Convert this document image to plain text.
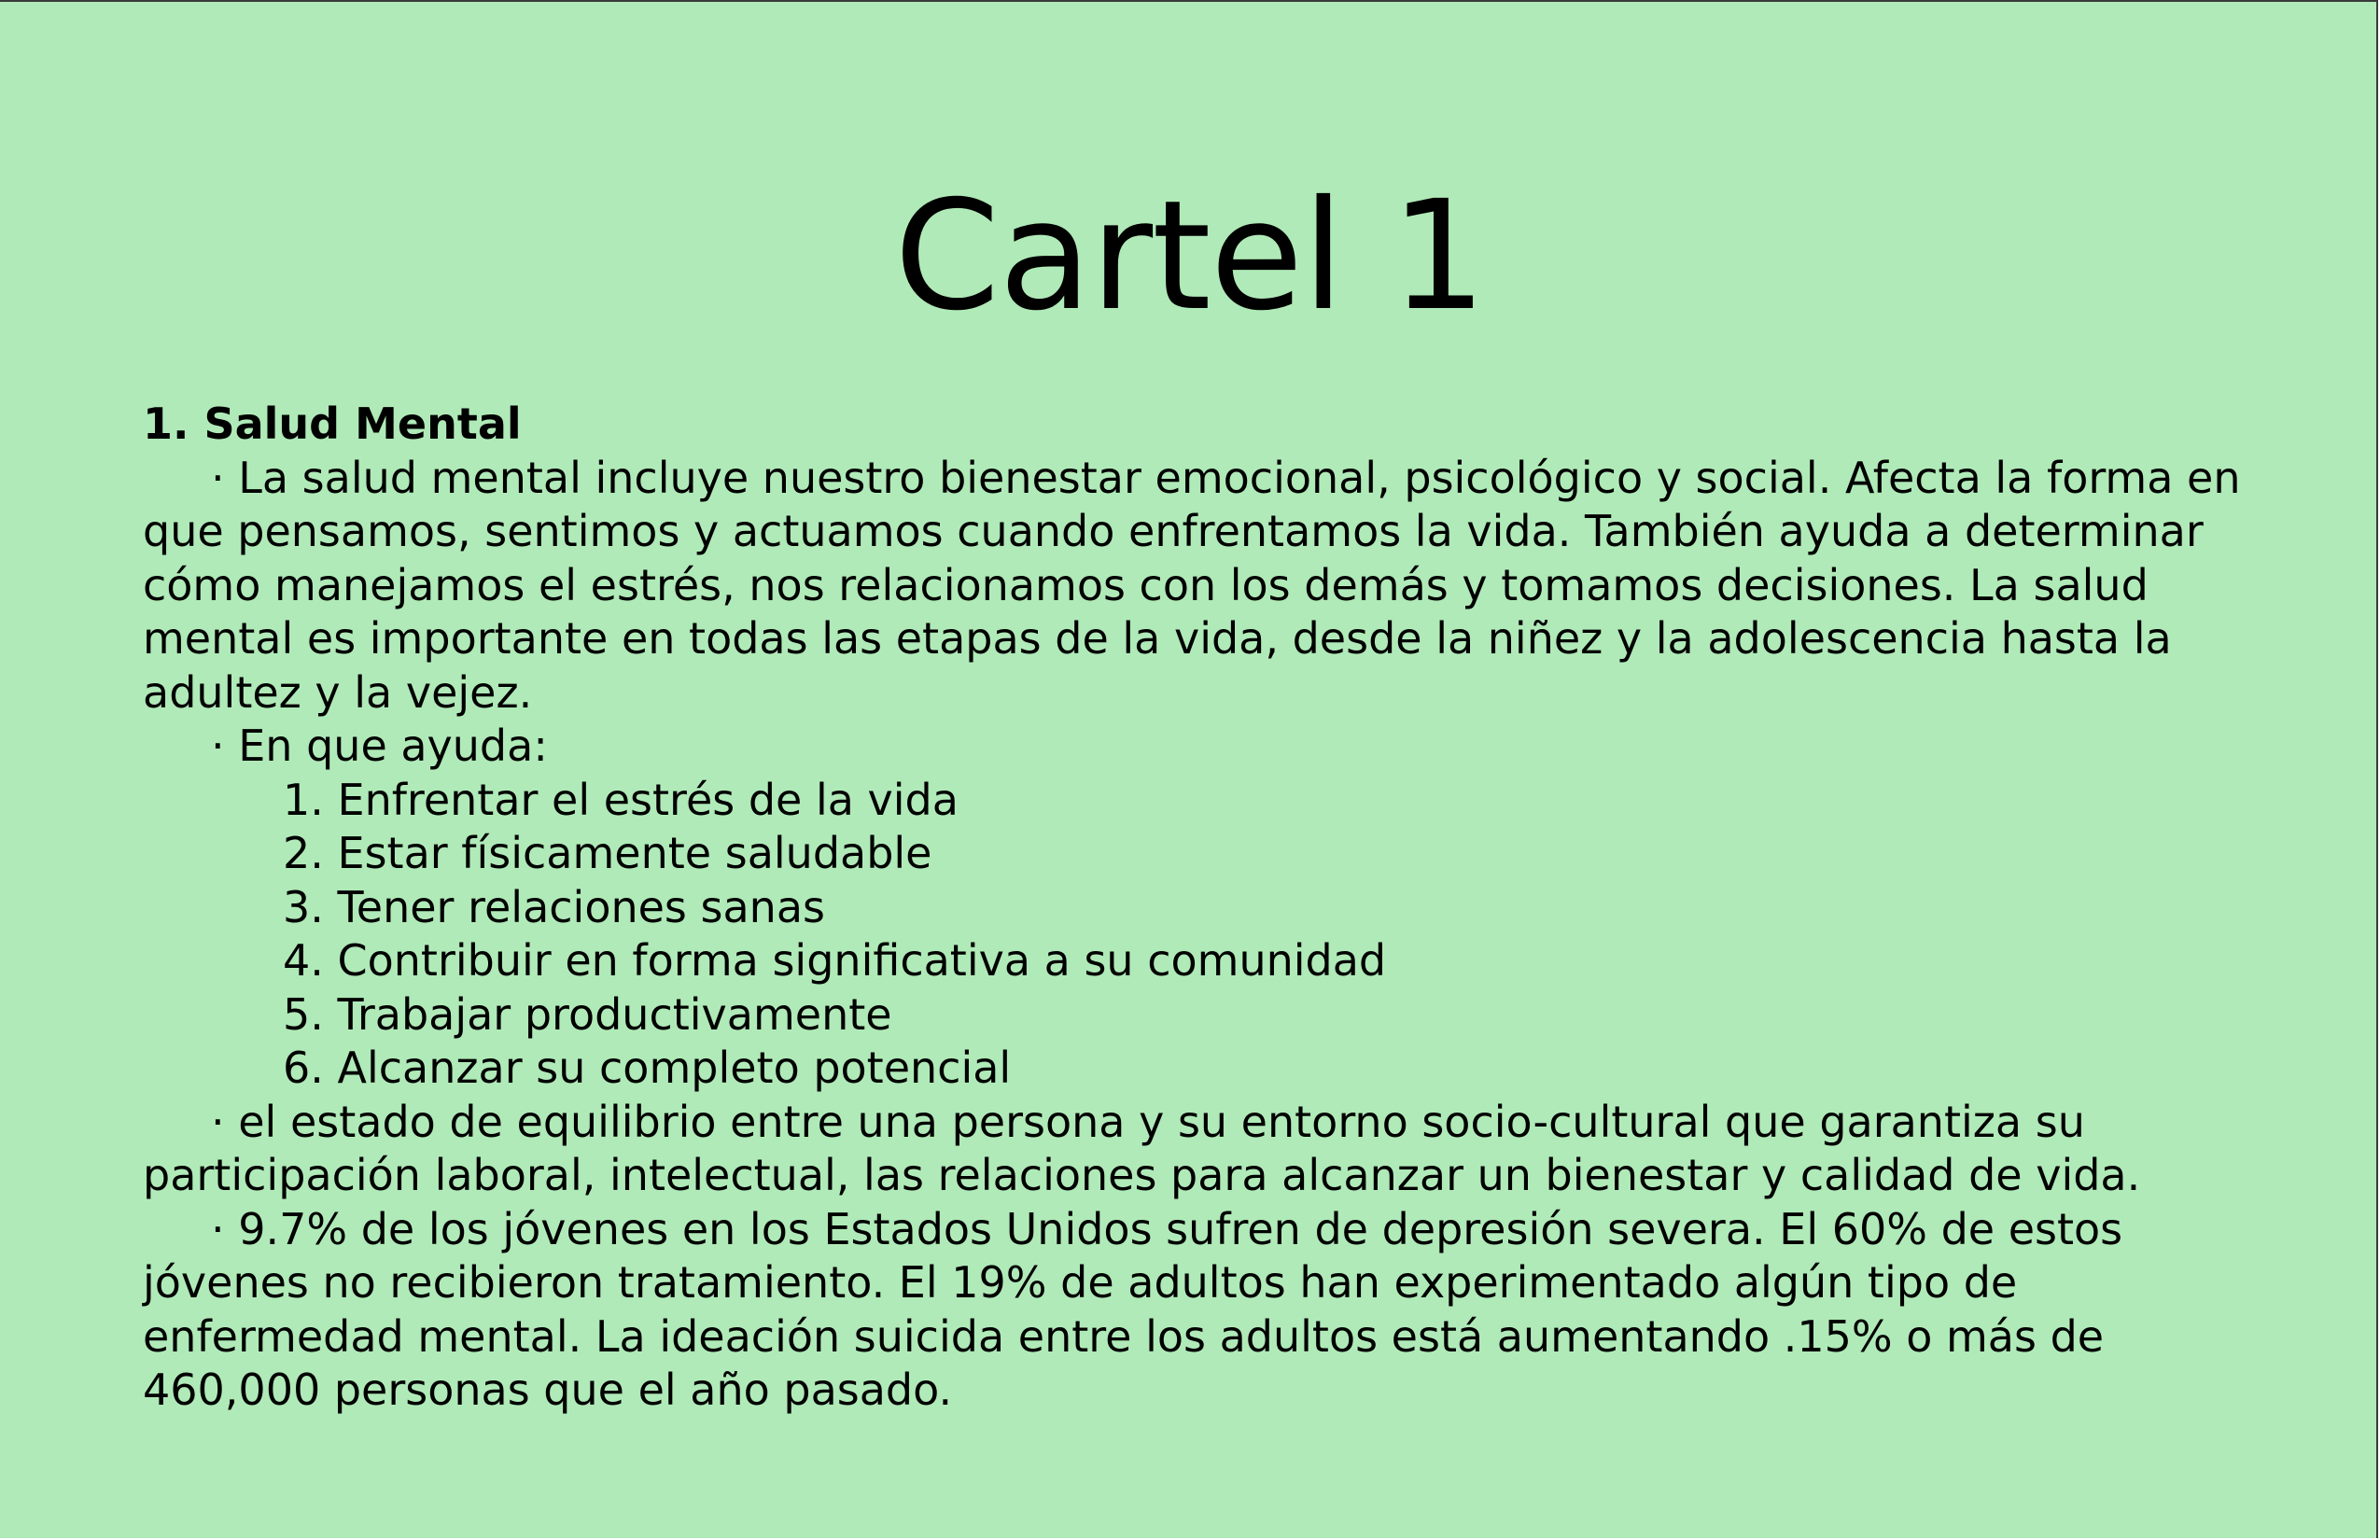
Cartel 1

1. Salud Mental

· La salud mental incluye nuestro bienestar emocional, psicológico y social. Afecta la forma en que pensamos, sentimos y actuamos cuando enfrentamos la vida. También ayuda a determinar cómo manejamos el estrés, nos relacionamos con los demás y tomamos decisiones. La salud mental es importante en todas las etapas de la vida, desde la niñez y la adolescencia hasta la adultez y la vejez.

· En que ayuda:

1. Enfrentar el estrés de la vida
2. Estar físicamente saludable
3. Tener relaciones sanas
4. Contribuir en forma significativa a su comunidad
5. Trabajar productivamente
6. Alcanzar su completo potencial

· el estado de equilibrio entre una persona y su entorno socio-cultural que garantiza su participación laboral, intelectual, las relaciones para alcanzar un bienestar y calidad de vida.

· 9.7% de los jóvenes en los Estados Unidos sufren de depresión severa. El 60% de estos jóvenes no recibieron tratamiento. El 19% de adultos han experimentado algún tipo de enfermedad mental. La ideación suicida entre los adultos está aumentando .15% o más de 460,000 personas que el año pasado.
